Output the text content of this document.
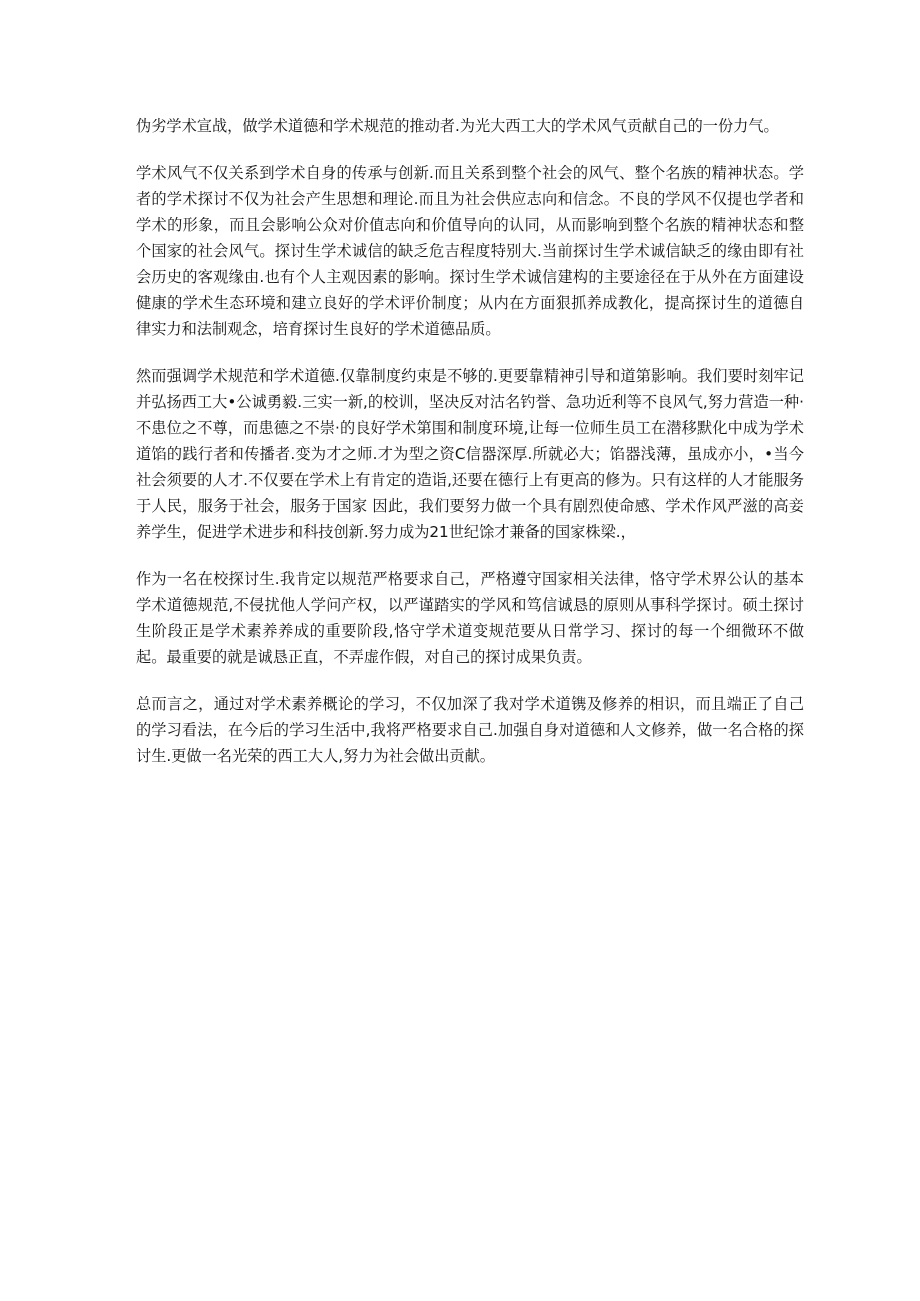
伪劣学术宣战，做学术道德和学术规范的推动者.为光大西工大的学术风气贡献自己的一份力气。

学术风气不仅关系到学术自身的传承与创新.而且关系到整个社会的风气、整个名族的精神状态。学者的学术探讨不仅为社会产生思想和理论.而且为社会供应志向和信念。不良的学风不仅提也学者和学术的形象，而且会影响公众对价值志向和价值导向的认同，从而影响到整个名族的精神状态和整个国家的社会风气。探讨生学术诚信的缺乏危吉程度特别大.当前探讨生学术诚信缺乏的缘由即有社会历史的客观缘由.也有个人主观因素的影响。探讨生学术诚信建构的主要途径在于从外在方面建设健康的学术生态环境和建立良好的学术评价制度；从内在方面狠抓养成教化，提高探讨生的道德自律实力和法制观念，培育探讨生良好的学术道德品质。

然而强调学术规范和学术道德.仅靠制度约束是不够的.更要靠精神引导和道第影响。我们要时刻牢记并弘扬西工大•公诚勇毅.三实一新,的校训，坚决反对沽名钓誉、急功近利等不良风气,努力营造一种·不患位之不尊，而患德之不崇·的良好学术第围和制度环境,让每一位师生员工在潜移默化中成为学术道馅的践行者和传播者.变为才之师.才为型之资C信器深厚.所就必大；馅器浅薄，虽成亦小，•当今社会须要的人才.不仅要在学术上有肯定的造诣,还要在德行上有更高的修为。只有这样的人才能服务于人民，服务于社会，服务于国家 因此，我们要努力做一个具有剧烈使命感、学术作风严滋的高妾养学生，促进学术进步和科技创新.努力成为21世纪馀才兼备的国家株梁.，

作为一名在校探讨生.我肯定以规范严格要求自己，严格遵守国家相关法律，恪守学术界公认的基本学术道德规范,不侵扰他人学问产权，以严谨踏实的学风和笃信诚恳的原则从事科学探讨。硕土探讨生阶段正是学术素养养成的重要阶段,恪守学术道变规范要从日常学习、探讨的每一个细微环不做起。最重要的就是诚恳正直，不弄虚作假，对自己的探讨成果负责。

总而言之，通过对学术素养概论的学习，不仅加深了我对学术道镌及修养的相识，而且端正了自己的学习看法，在今后的学习生活中,我将严格要求自己.加强自身对道德和人文修养，做一名合格的探讨生.更做一名光荣的西工大人,努力为社会做出贡献。
